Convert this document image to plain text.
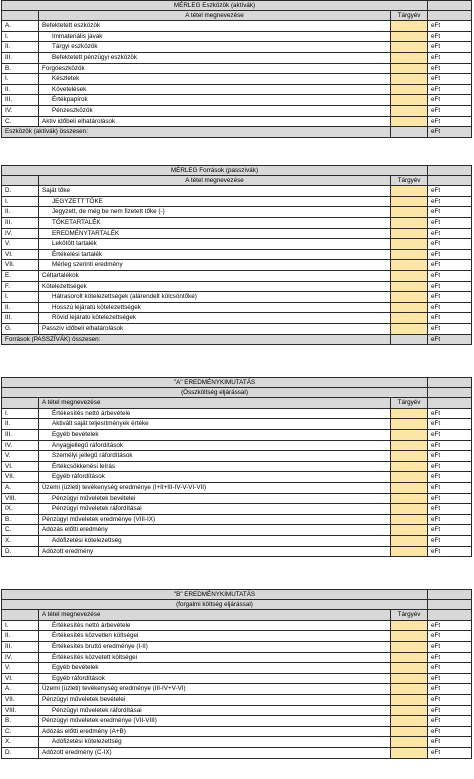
MÉRLEG Eszközök (aktívák)
A tétel megnevezése	Tárgyév
A.	Befektetett eszközök	eFt
I.	Immateriális javak	eFt
II.	Tárgyi eszközök	eFt
III.	Befektetett pénzügyi eszközök	eFt
B.	Forgóeszközök	eFt
I.	Készletek	eFt
II.	Követelések	eFt
III.	Értékpapírok	eFt
IV.	Pénzeszközök	eFt
C.	Aktív időbeli elhatárolások	eFt
Eszközök (aktívák) összesen:	eFt
MÉRLEG Források (passzívák)
A tétel megnevezése	Tárgyév
D.	Saját tőke	eFt
I.	JEGYZETT TŐKE	eFt
II.	Jegyzett, de még be nem fizetett tőke (-)	eFt
III.	TŐKETARTALÉK	eFt
IV.	EREDMÉNYTARTALÉK	eFt
V.	Lekötött tartalék	eFt
VI.	Értékelési tartalék	eFt
VII.	Mérleg szerinti eredmény	eFt
E.	Céltartalékok	eFt
F.	Kötelezettségek	eFt
I.	Hátrasorolt kötelezettségek (alárendelt kölcsöntőke)	eFt
II.	Hosszú lejáratú kötelezettségek	eFt
III.	Rövid lejáratú kötelezettségek	eFt
G.	Passzív időbeli elhatárolások	eFt
Források (PASSZÍVÁK) összesen:	eFt
"A" EREDMÉNYKIMUTATÁS
(Összköltség eljárással)
A tétel megnevezése	Tárgyév
I.	Értékesítés nettó árbevétele	eFt
II.	Aktivált saját teljesítmények értéke	eFt
III.	Egyéb bevételek	eFt
IV.	Anyagjellegű ráfordítások	eFt
V.	Személyi jellegű ráfordítások	eFt
VI.	Értékcsökkenési leírás	eFt
VII.	Egyéb ráfordítások	eFt
A.	Üzemi (üzleti) tevékenység eredménye (I+II+III-IV-V-VI-VII)	eFt
VIII.	Pénzügyi műveletek bevételei	eFt
IX.	Pénzügyi műveletek ráfordításai	eFt
B.	Pénzügyi műveletek eredménye (VIII-IX)	eFt
C.	Adózás előtti eredmény	eFt
X.	Adófizetési kötelezettség	eFt
D.	Adózott eredmény	eFt
"B" EREDMÉNYKIMUTATÁS
(forgalmi költség eljárással)
A tétel megnevezése	Tárgyév
I.	Értékesítés nettó árbevétele	eFt
II.	Értékesítés közvetlen költségei	eFt
III.	Értékesítés bruttó eredménye (I-II)	eFt
IV.	Értékesítés közvetett költségei	eFt
V.	Egyéb bevételek	eFt
VI.	Egyéb ráfordítások	eFt
A.	Üzemi (üzleti) tevékenység eredménye (III-IV+V-VI)	eFt
VII.	Pénzügyi műveletek bevételei	eFt
VIII.	Pénzügyi műveletek ráfordításai	eFt
B.	Pénzügyi műveletek eredménye (VII-VIII)	eFt
C.	Adózás előtti eredmény (A+B)	eFt
X.	Adófizetési kötelezettség	eFt
D.	Adózott eredmény (C-IX)	eFt
